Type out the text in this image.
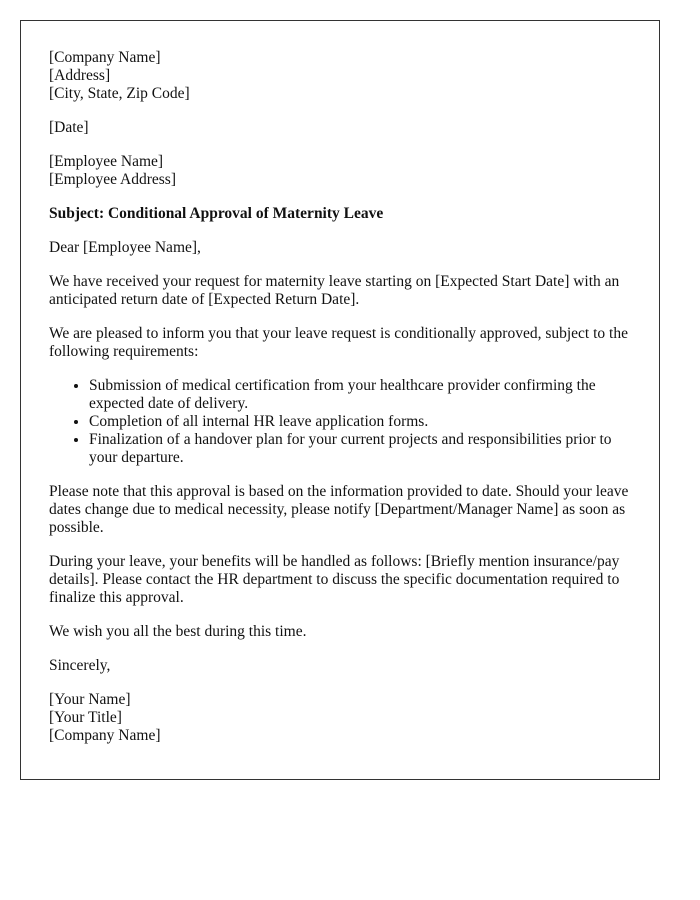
[Company Name]
[Address]
[City, State, Zip Code]
[Date]
[Employee Name]
[Employee Address]

Subject: Conditional Approval of Maternity Leave

Dear [Employee Name],

We have received your request for maternity leave starting on [Expected Start Date] with an anticipated return date of [Expected Return Date].

We are pleased to inform you that your leave request is conditionally approved, subject to the following requirements:

• Submission of medical certification from your healthcare provider confirming the expected date of delivery.
• Completion of all internal HR leave application forms.
• Finalization of a handover plan for your current projects and responsibilities prior to your departure.

Please note that this approval is based on the information provided to date. Should your leave dates change due to medical necessity, please notify [Department/Manager Name] as soon as possible.

During your leave, your benefits will be handled as follows: [Briefly mention insurance/pay details]. Please contact the HR department to discuss the specific documentation required to finalize this approval.

We wish you all the best during this time.

Sincerely,

[Your Name]
[Your Title]
[Company Name]
